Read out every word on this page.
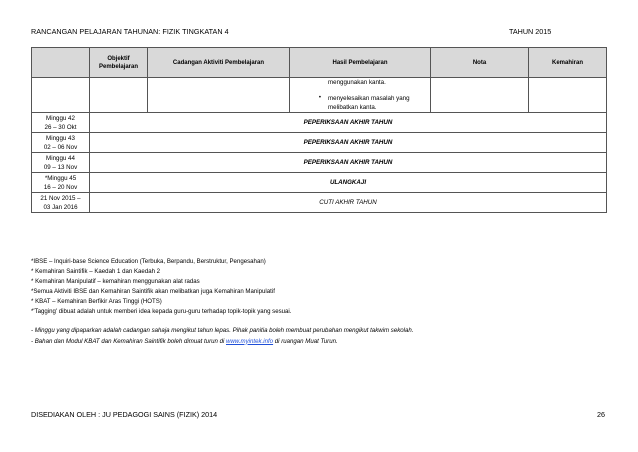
RANCANGAN PELAJARAN TAHUNAN: FIZIK TINGKATAN 4	TAHUN 2015
	Objektif Pembelajaran	Cadangan Aktiviti Pembelajaran	Hasil Pembelajaran	Nota	Kemahiran

			menggunakan kanta.
• menyelesaikan masalah yang
melibatkan kanta.		

Minggu 42
26 – 30 Okt	PEPERIKSAAN AKHIR TAHUN				
Minggu 43
02 – 06 Nov	PEPERIKSAAN AKHIR TAHUN				
Minggu 44
09 – 13 Nov	PEPERIKSAAN AKHIR TAHUN				
*Minggu 45
16 – 20 Nov	ULANGKAJI				
21 Nov 2015 –
03 Jan 2016	CUTI AKHIR TAHUN				
*IBSE – Inquiri-base Science Education (Terbuka, Berpandu, Berstruktur, Pengesahan)
* Kemahiran Saintifik – Kaedah 1 dan Kaedah 2
* Kemahiran Manipulatif – kemahiran menggunakan alat radas
*Semua Aktiviti IBSE dan Kemahiran Saintifik akan melibatkan juga Kemahiran Manipulatif
* KBAT – Kemahiran Berfikir Aras Tinggi (HOTS)
*'Tagging' dibuat adalah untuk memberi idea kepada guru-guru terhadap topik-topik yang sesuai.
- Minggu yang dipaparkan adalah cadangan sahaja mengikut tahun lepas. Pihak panitia boleh membuat perubahan mengikut takwim sekolah.
- Bahan dan Modul KBAT dan Kemahiran Saintifik boleh dimuat turun di www.myintek.info di ruangan Muat Turun.
DISEDIAKAN OLEH : JU PEDAGOGI SAINS (FIZIK) 2014	26
